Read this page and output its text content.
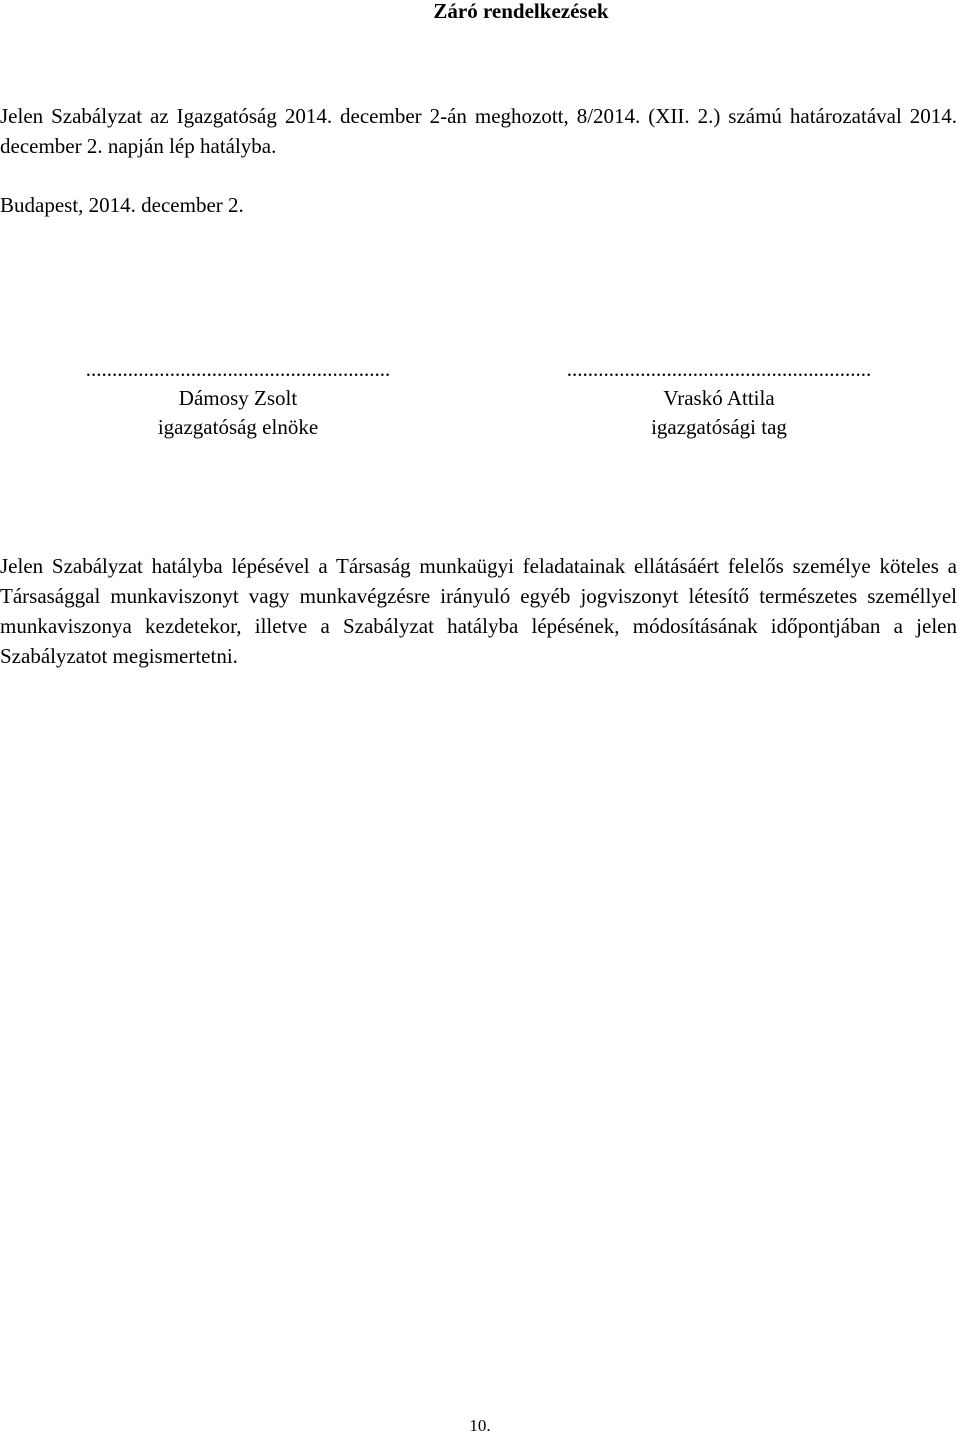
Záró rendelkezések
Jelen Szabályzat az Igazgatóság 2014. december 2-án meghozott, 8/2014. (XII. 2.) számú határozatával 2014. december 2. napján lép hatályba.
Budapest, 2014. december 2.
..........................................................
Dámosy Zsolt
igazgatóság elnöke
..........................................................
Vraskó Attila
igazgatósági tag
Jelen Szabályzat hatályba lépésével a Társaság munkaügyi feladatainak ellátásáért felelős személye köteles a Társasággal munkaviszonyt vagy munkavégzésre irányuló egyéb jogviszonyt létesítő természetes személlyel munkaviszonya kezdetekor, illetve a Szabályzat hatályba lépésének, módosításának időpontjában a jelen Szabályzatot megismertetni.
10.
